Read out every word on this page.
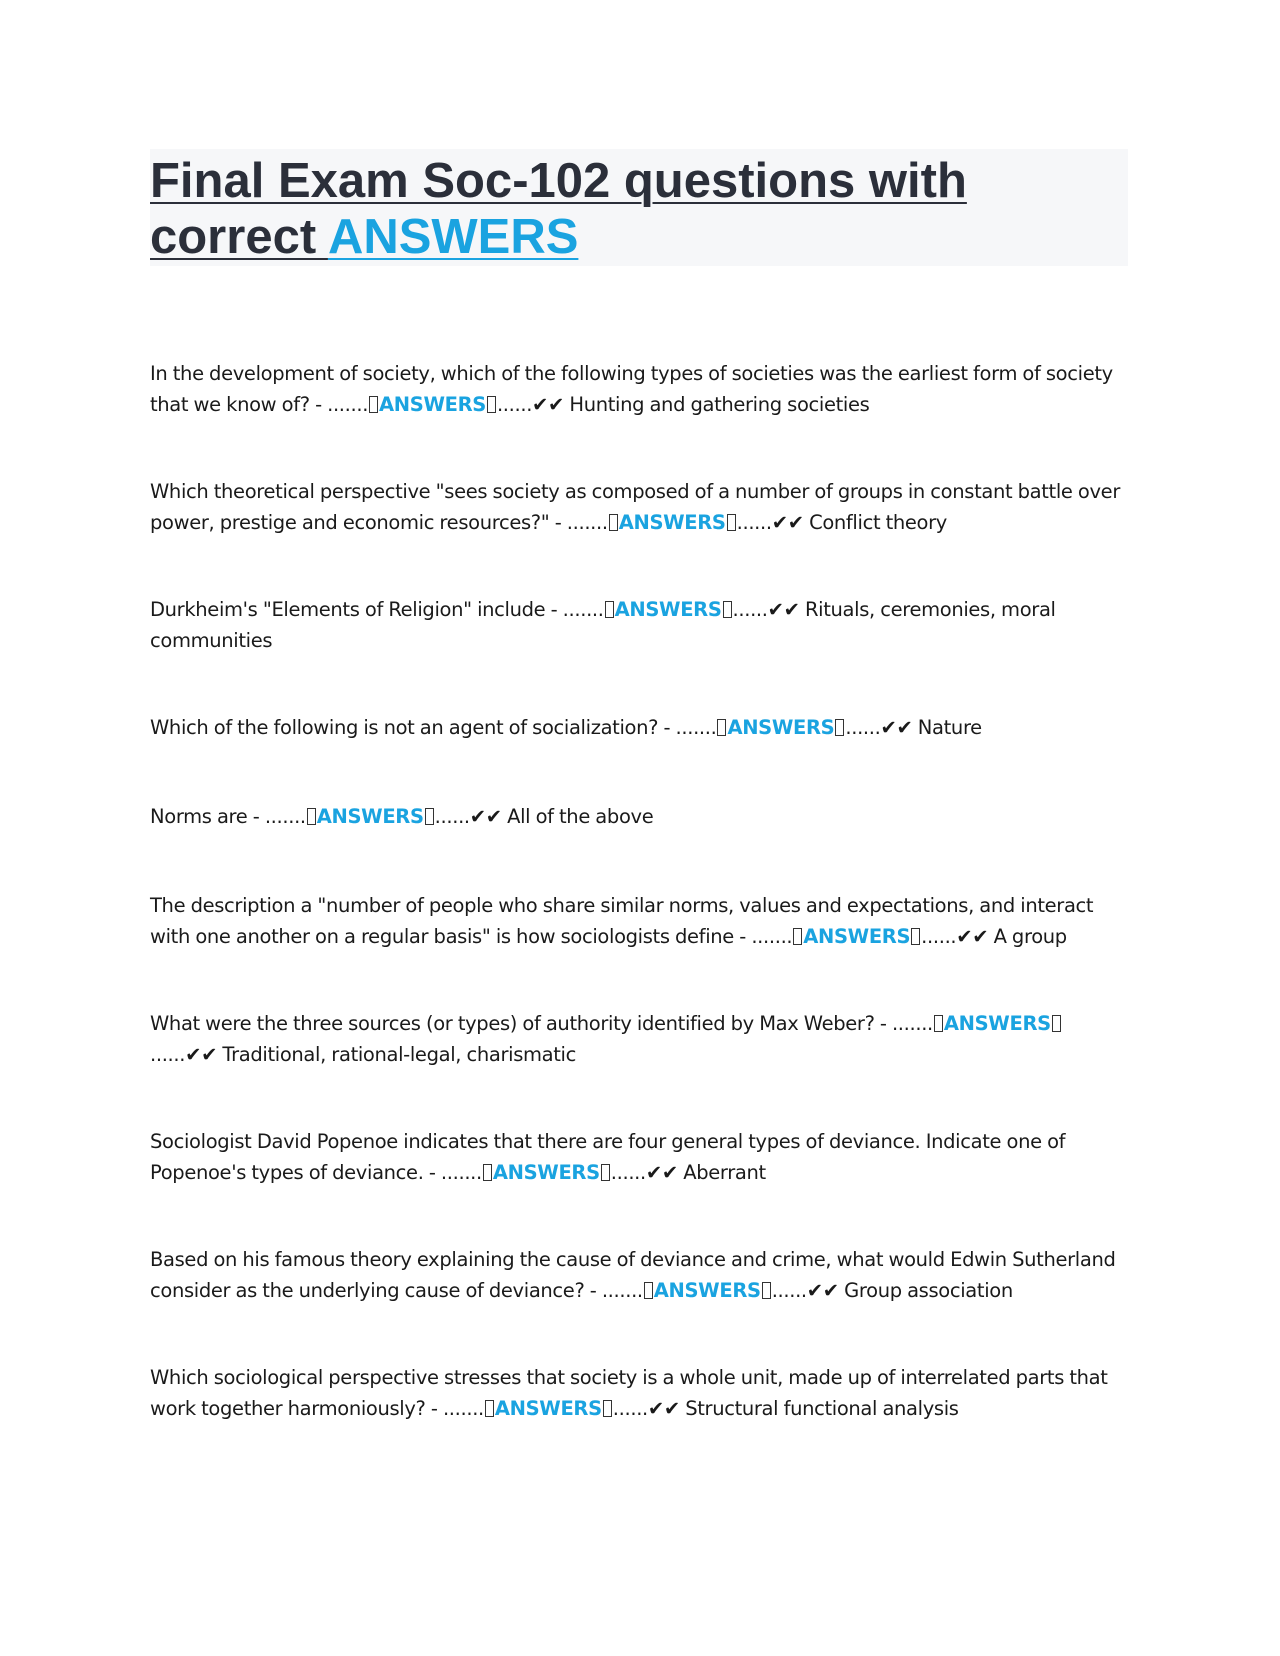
Final Exam Soc-102 questions with correct ANSWERS

In the development of society, which of the following types of societies was the earliest form of society that we know of? - ....... ANSWERS ......✔✔ Hunting and gathering societies

Which theoretical perspective "sees society as composed of a number of groups in constant battle over power, prestige and economic resources?" - ....... ANSWERS ......✔✔ Conflict theory

Durkheim's "Elements of Religion" include - ....... ANSWERS ......✔✔ Rituals, ceremonies, moral communities

Which of the following is not an agent of socialization? - ....... ANSWERS ......✔✔ Nature

Norms are - ....... ANSWERS ......✔✔ All of the above

The description a "number of people who share similar norms, values and expectations, and interact with one another on a regular basis" is how sociologists define - ....... ANSWERS ......✔✔ A group

What were the three sources (or types) of authority identified by Max Weber? - ....... ANSWERS......✔✔ Traditional, rational-legal, charismatic

Sociologist David Popenoe indicates that there are four general types of deviance. Indicate one of Popenoe's types of deviance. - ....... ANSWERS ......✔✔ Aberrant

Based on his famous theory explaining the cause of deviance and crime, what would Edwin Sutherland consider as the underlying cause of deviance? - ....... ANSWERS ......✔✔ Group association

Which sociological perspective stresses that society is a whole unit, made up of interrelated parts that work together harmoniously? - ....... ANSWERS ......✔✔ Structural functional analysis
